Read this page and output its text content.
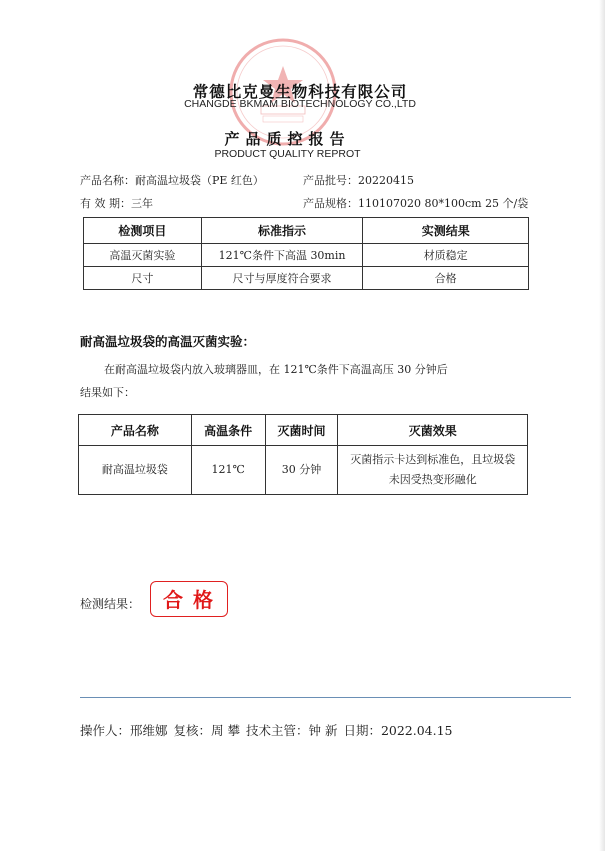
常德比克曼生物科技有限公司
CHANGDE BKMAM BIOTECHNOLOGY CO.,LTD
产品质控报告
PRODUCT QUALITY REPROT
产品名称：耐高温垃圾袋（PE 红色）	产品批号：20220415
有 效 期：三年	产品规格：110107020 80*100cm 25 个/袋
检测项目	标准指示	实测结果
高温灭菌实验	121℃条件下高温 30min	材质稳定
尺寸	尺寸与厚度符合要求	合格
耐高温垃圾袋的高温灭菌实验：
在耐高温垃圾袋内放入玻璃器皿，在 121℃条件下高温高压 30 分钟后
结果如下：
产品名称	高温条件	灭菌时间	灭菌效果
耐高温垃圾袋	121℃	30 分钟	灭菌指示卡达到标准色，且垃圾袋
未因受热变形融化
检测结果：	合格
操作人：邢维娜 复核：周 攀 技术主管：钟 新 日期：2022.04.15
